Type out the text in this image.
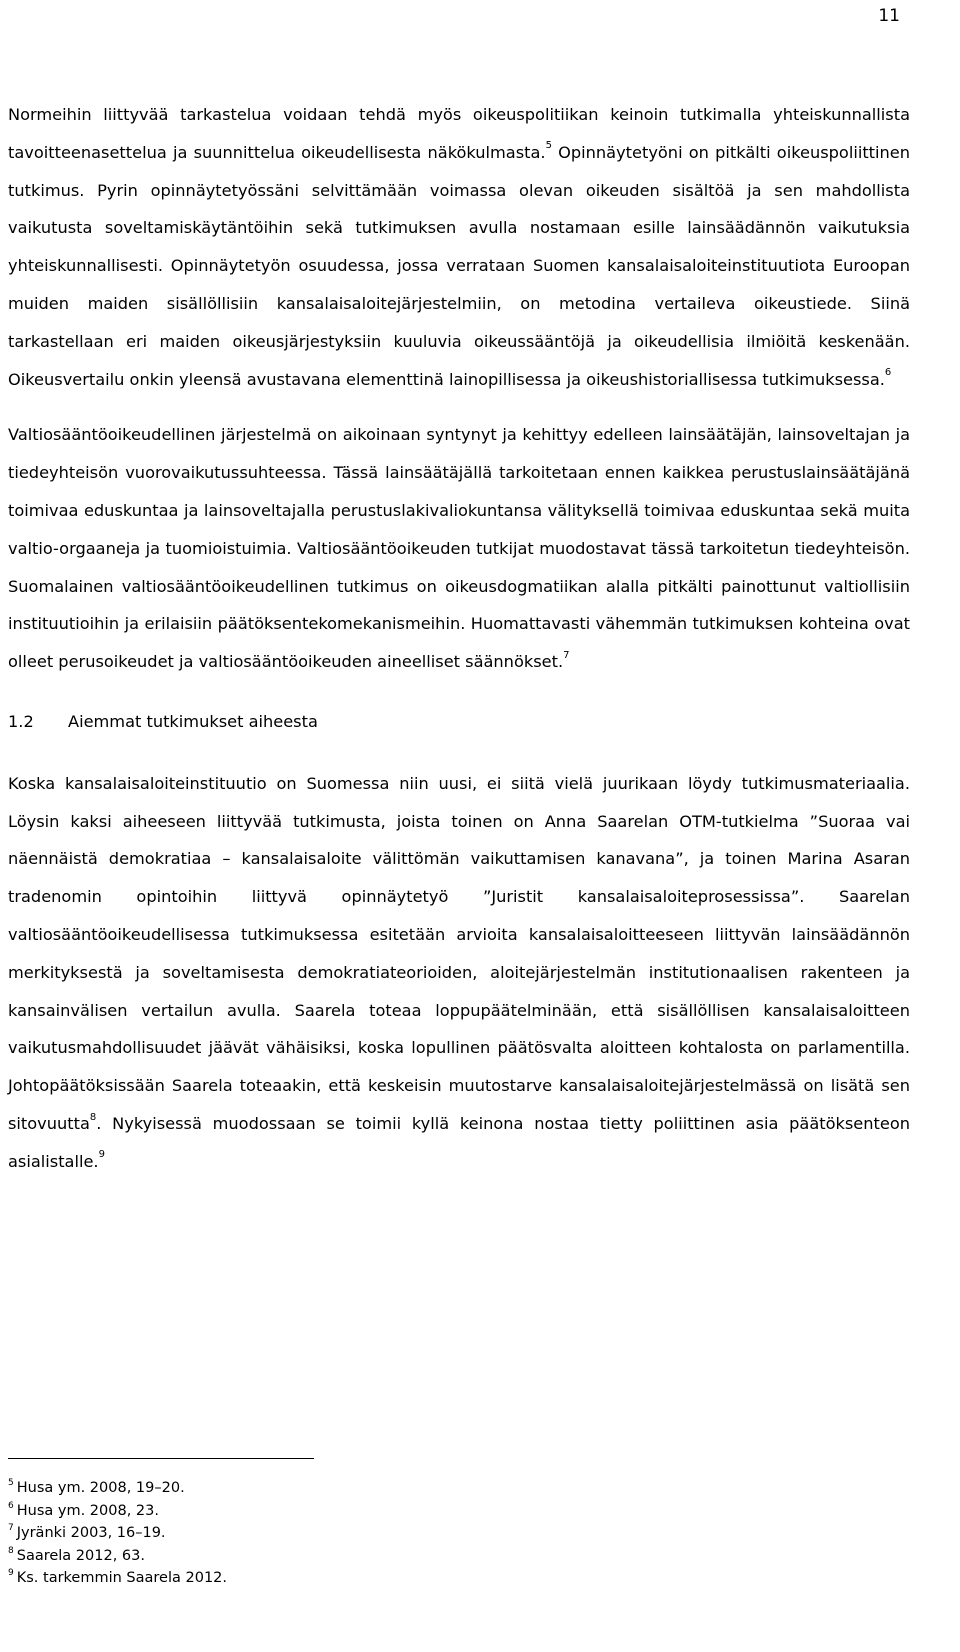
11

Normeihin liittyvää tarkastelua voidaan tehdä myös oikeuspolitiikan keinoin tutkimalla yhteiskunnallista tavoitteenasettelua ja suunnittelua oikeudellisesta näkökulmasta.$^5$ Opinnäytetyöni on pitkälti oikeuspoliittinen tutkimus. Pyrin opinnäytetyössäni selvittämään voimassa olevan oikeuden sisältöä ja sen mahdollista vaikutusta soveltamiskäytäntöihin sekä tutkimuksen avulla nostamaan esille lainsäädännön vaikutuksia yhteiskunnallisesti. Opinnäytetyön osuudessa, jossa verrataan Suomen kansalaisaloiteinstituutiota Euroopan muiden maiden sisällöllisiin kansalaisaloitejärjestelmiin, on metodina vertaileva oikeustiede. Siinä tarkastellaan eri maiden oikeusjärjestyksiin kuuluvia oikeussääntöjä ja oikeudellisia ilmiöitä keskenään. Oikeusvertailu onkin yleensä avustavana elementtinä lainopillisessa ja oikeushistoriallisessa tutkimuksessa.$^6$

Valtiosääntöoikeudellinen järjestelmä on aikoinaan syntynyt ja kehittyy edelleen lainsäätäjän, lainsoveltajan ja tiedeyhteisön vuorovaikutussuhteessa. Tässä lainsäätäjällä tarkoitetaan ennen kaikkea perustuslainsäätäjänä toimivaa eduskuntaa ja lainsoveltajalla perustuslakivaliokuntansa välityksellä toimivaa eduskuntaa sekä muita valtio-orgaaneja ja tuomioistuimia. Valtiosääntöoikeuden tutkijat muodostavat tässä tarkoitetun tiedeyhteisön. Suomalainen valtiosääntöoikeudellinen tutkimus on oikeusdogmatiikan alalla pitkälti painottunut valtiollisiin instituutioihin ja erilaisiin päätöksentekomekanismeihin. Huomattavasti vähemmän tutkimuksen kohteina ovat olleet perusoikeudet ja valtiosääntöoikeuden aineelliset säännökset.$^7$

1.2	Aiemmat tutkimukset aiheesta

Koska kansalaisaloiteinstituutio on Suomessa niin uusi, ei siitä vielä juurikaan löydy tutkimusmateriaalia. Löysin kaksi aiheeseen liittyvää tutkimusta, joista toinen on Anna Saarelan OTM-tutkielma ”Suoraa vai näennäistä demokratiaa – kansalaisaloite välittömän vaikuttamisen kanavana”, ja toinen Marina Asaran tradenomin opintoihin liittyvä opinnäytetyö ”Juristit kansalaisaloiteprosessissa”. Saarelan valtiosääntöoikeudellisessa tutkimuksessa esitetään arvioita kansalaisaloitteeseen liittyvän lainsäädännön merkityksestä ja soveltamisesta demokratiateorioiden, aloitejärjestelmän institutionaalisen rakenteen ja kansainvälisen vertailun avulla. Saarela toteaa loppupäätelminään, että sisällöllisen kansalaisaloitteen vaikutusmahdollisuudet jäävät vähäisiksi, koska lopullinen päätösvalta aloitteen kohtalosta on parlamentilla. Johtopäätöksissään Saarela toteaakin, että keskeisin muutostarve kansalaisaloitejärjestelmässä on lisätä sen sitovuutta$^8$. Nykyisessä muodossaan se toimii kyllä keinona nostaa tietty poliittinen asia päätöksenteon asialistalle.$^9$

$^5$ Husa ym. 2008, 19–20.

$^6$ Husa ym. 2008, 23.

$^7$ Jyränki 2003, 16–19.

$^8$ Saarela 2012, 63.

$^9$ Ks. tarkemmin Saarela 2012.
